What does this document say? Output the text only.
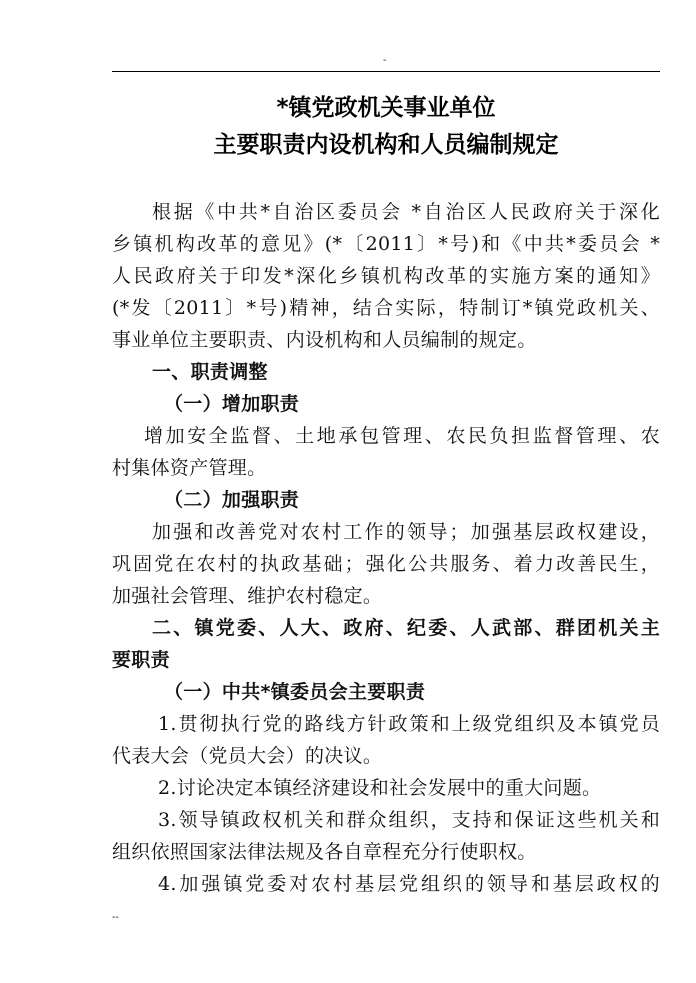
-
*镇党政机关事业单位
主要职责内设机构和人员编制规定
根据《中共*自治区委员会 *自治区人民政府关于深化
乡镇机构改革的意见》(*〔2011〕*号)和《中共*委员会 *
人民政府关于印发*深化乡镇机构改革的实施方案的通知》
(*发〔2011〕*号)精神，结合实际，特制订*镇党政机关、
事业单位主要职责、内设机构和人员编制的规定。
一、职责调整
（一）增加职责
增加安全监督、土地承包管理、农民负担监督管理、农
村集体资产管理。
（二）加强职责
加强和改善党对农村工作的领导；加强基层政权建设，
巩固党在农村的执政基础；强化公共服务、着力改善民生，
加强社会管理、维护农村稳定。
二、镇党委、人大、政府、纪委、人武部、群团机关主
要职责
（一）中共*镇委员会主要职责
1.贯彻执行党的路线方针政策和上级党组织及本镇党员
代表大会（党员大会）的决议。
2.讨论决定本镇经济建设和社会发展中的重大问题。
3.领导镇政权机关和群众组织，支持和保证这些机关和
组织依照国家法律法规及各自章程充分行使职权。
4.加强镇党委对农村基层党组织的领导和基层政权的
--
